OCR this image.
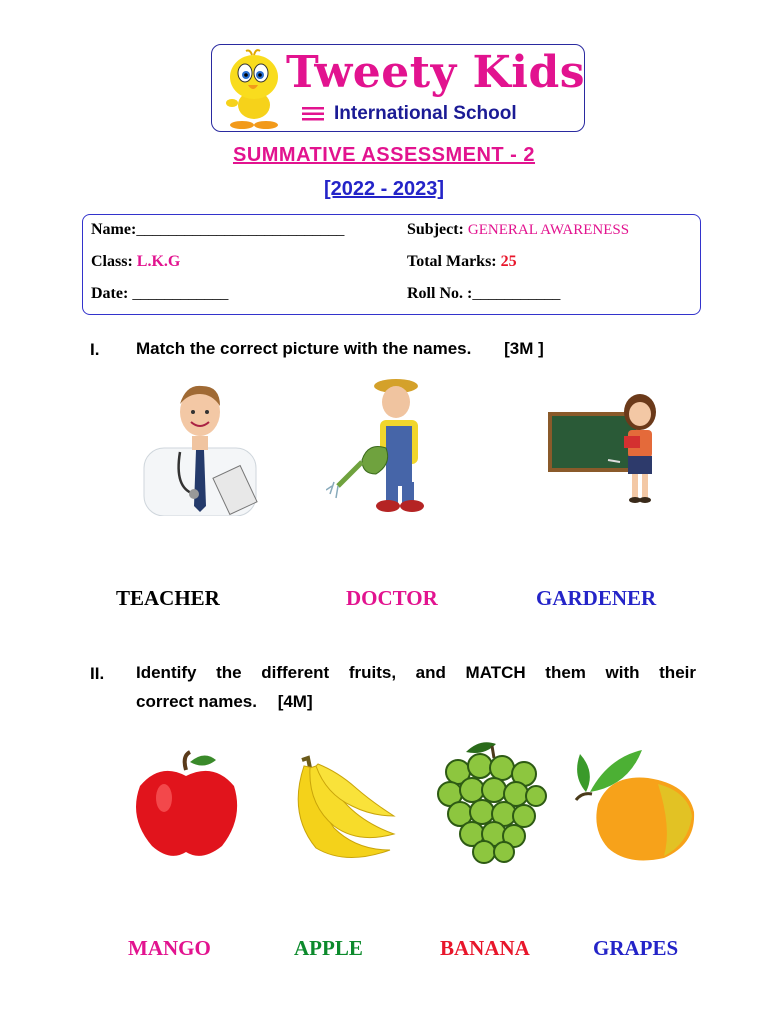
Tweety Kids
International School
SUMMATIVE ASSESSMENT - 2
[2022 - 2023]
Name:__________________________	Subject: GENERAL AWARENESS
Class: L.K.G	Total Marks: 25
Date: ____________	Roll No. :___________
I. Match the correct picture with the names. [3M ]
TEACHER	DOCTOR	GARDENER
II. Identify the different fruits, and MATCH them with their
correct names. [4M]
MANGO	APPLE	BANANA	GRAPES
